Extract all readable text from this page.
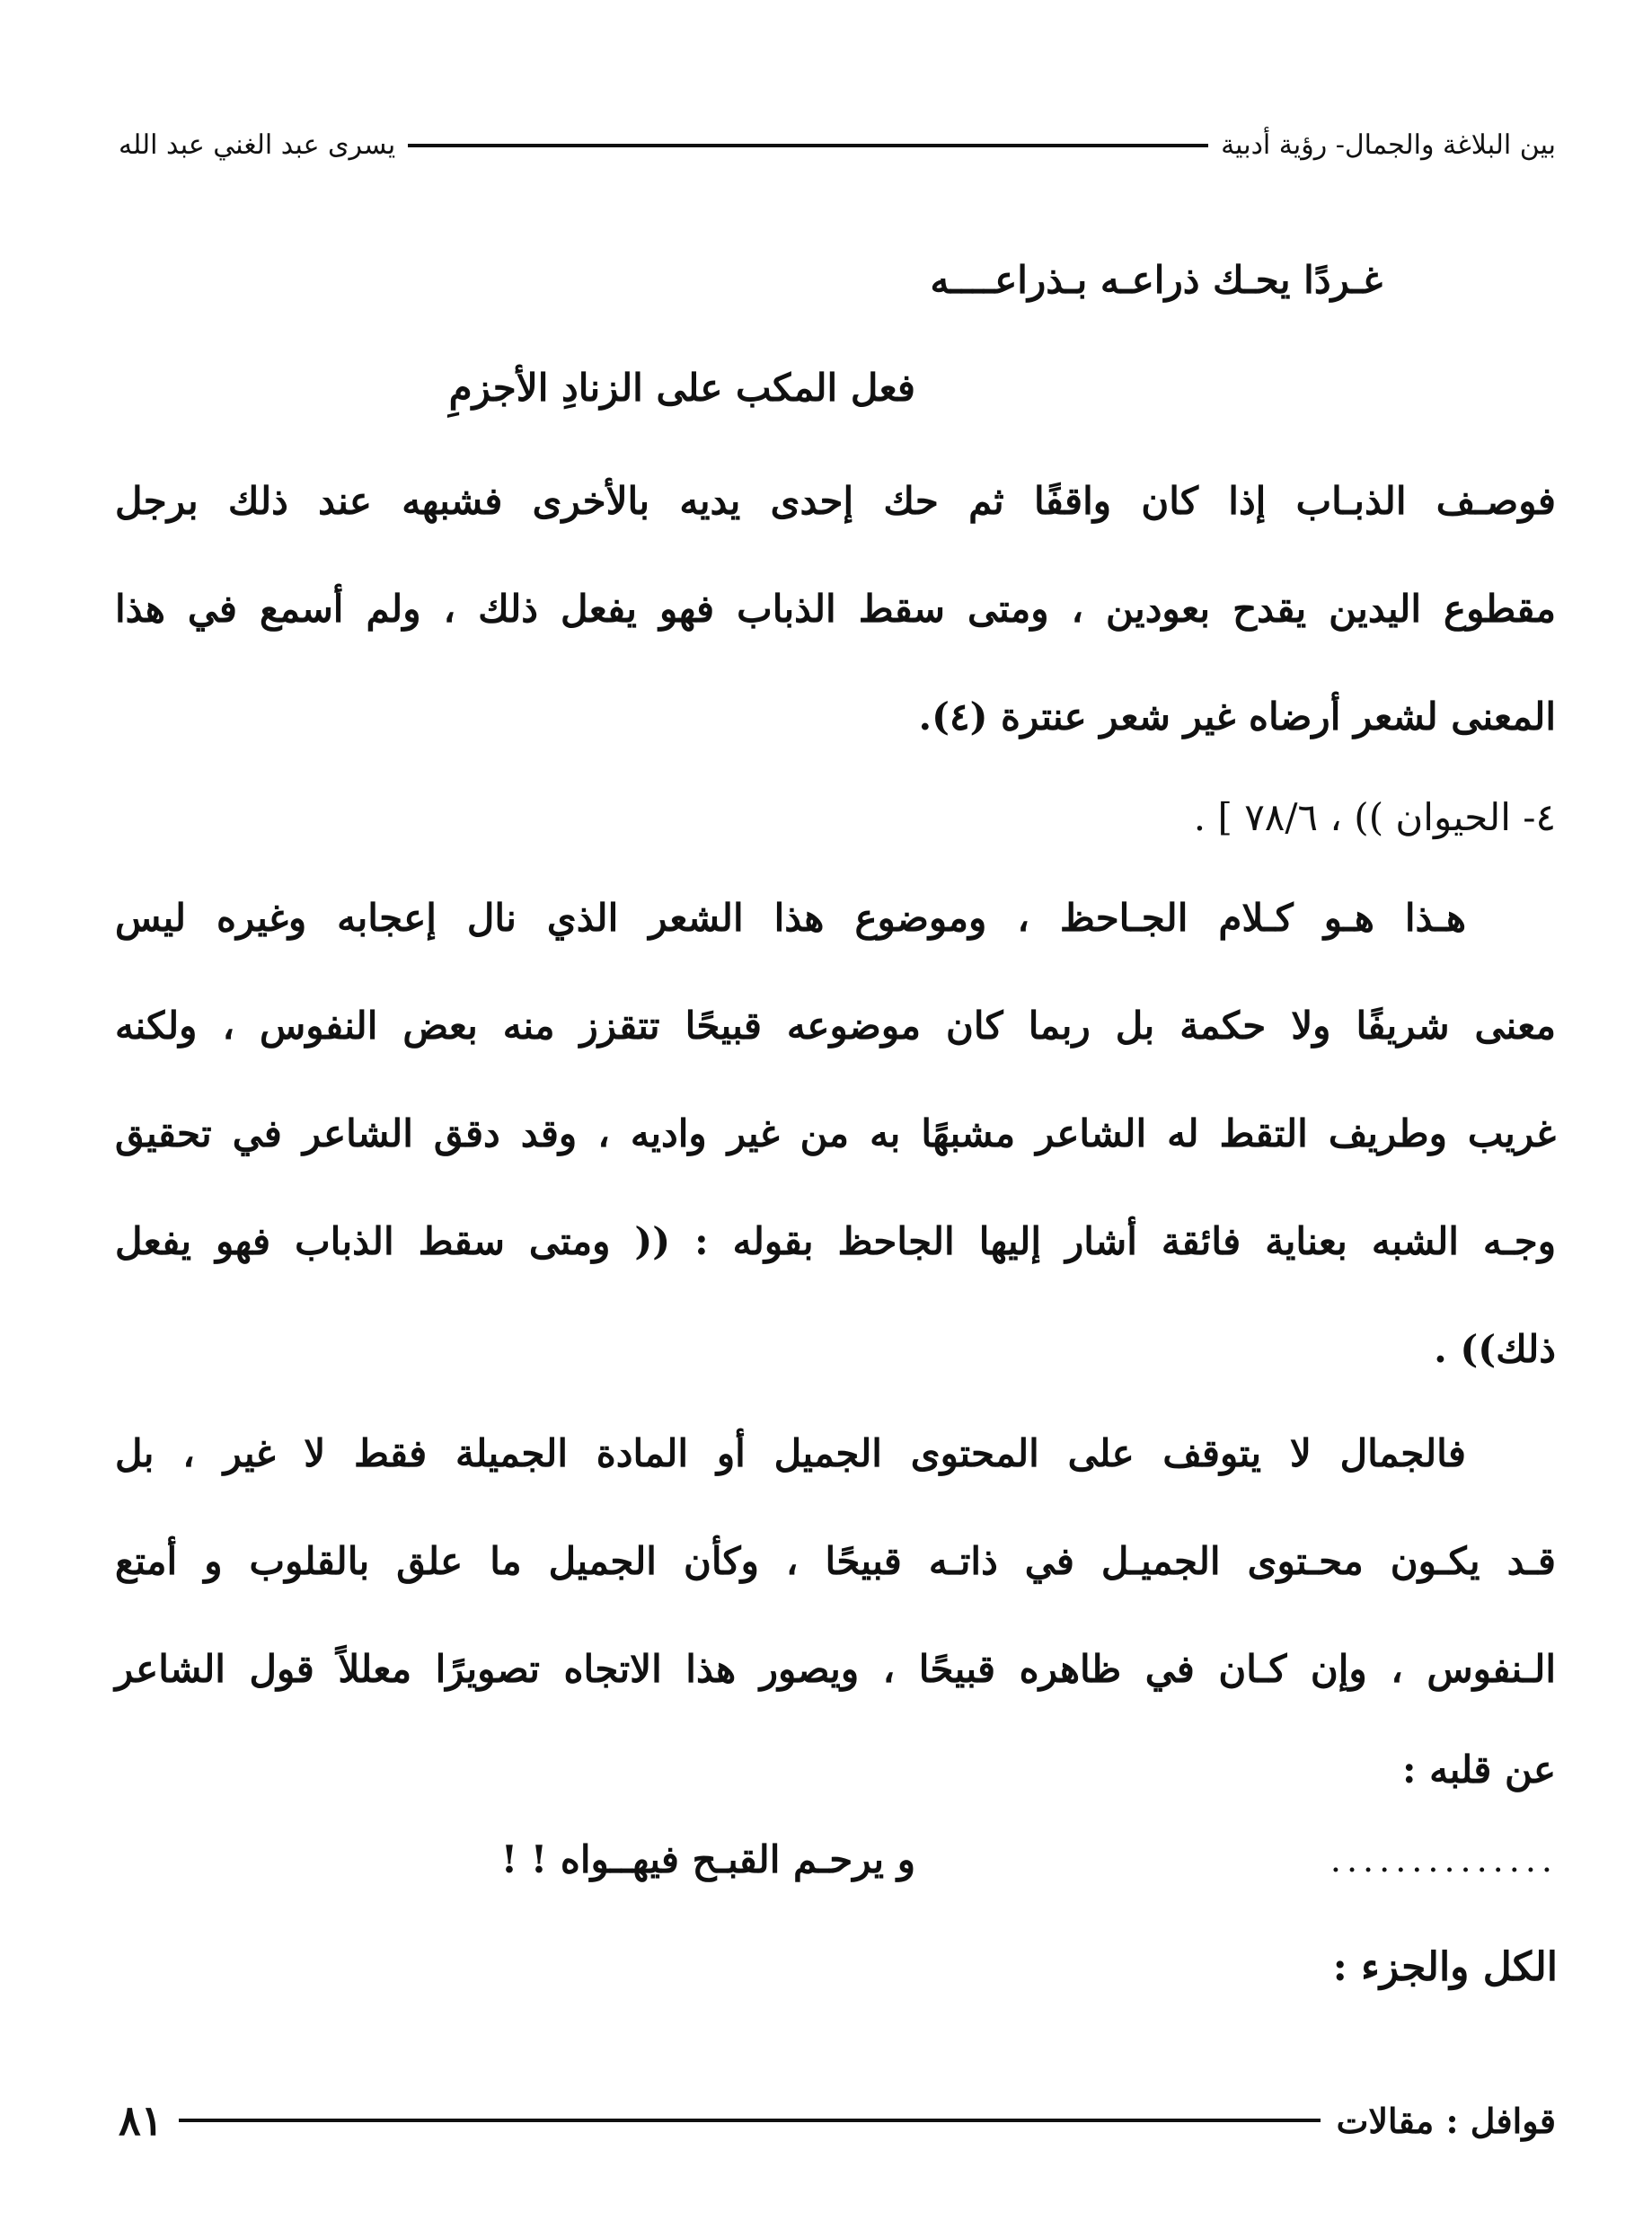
بين البلاغة والجمال- رؤية أدبية
يسرى عبد الغني عبد الله
غـردًا يحـك ذراعـه بـذراعــــه
فعل المكب على الزنادِ الأجزمِ
فوصـف الذبـاب إذا كان واقفًا ثم حك إحدى يديه بالأخرى فشبهه عند ذلك برجل
مقطوع اليدين يقدح بعودين ، ومتى سقط الذباب فهو يفعل ذلك ، ولم أسمع في هذا
المعنى لشعر أرضاه غير شعر عنترة (٤).
٤- الحيوان )) ، ٧٨/٦ ] .
هـذا هـو كـلام الجـاحظ ، وموضوع هذا الشعر الذي نال إعجابه وغيره ليس
معنى شريفًا ولا حكمة بل ربما كان موضوعه قبيحًا تتقزز منه بعض النفوس ، ولكنه
غريب وطريف التقط له الشاعر مشبهًا به من غير واديه ، وقد دقق الشاعر في تحقيق
وجـه الشبه بعناية فائقة أشار إليها الجاحظ بقوله : (( ومتى سقط الذباب فهو يفعل
ذلك)) .
فالجمال لا يتوقف على المحتوى الجميل أو المادة الجميلة فقط لا غير ، بل
قـد يكـون محـتوى الجميـل في ذاتـه قبيحًا ، وكأن الجميل ما علق بالقلوب و أمتع
الـنفوس ، وإن كـان في ظاهره قبيحًا ، ويصور هذا الاتجاه تصويرًا معللاً قول الشاعر
عن قلبه :
..............
و يرحـم القبـح فيهــواه ! !
الكل والجزء :
قوافل : مقالات
٨١
